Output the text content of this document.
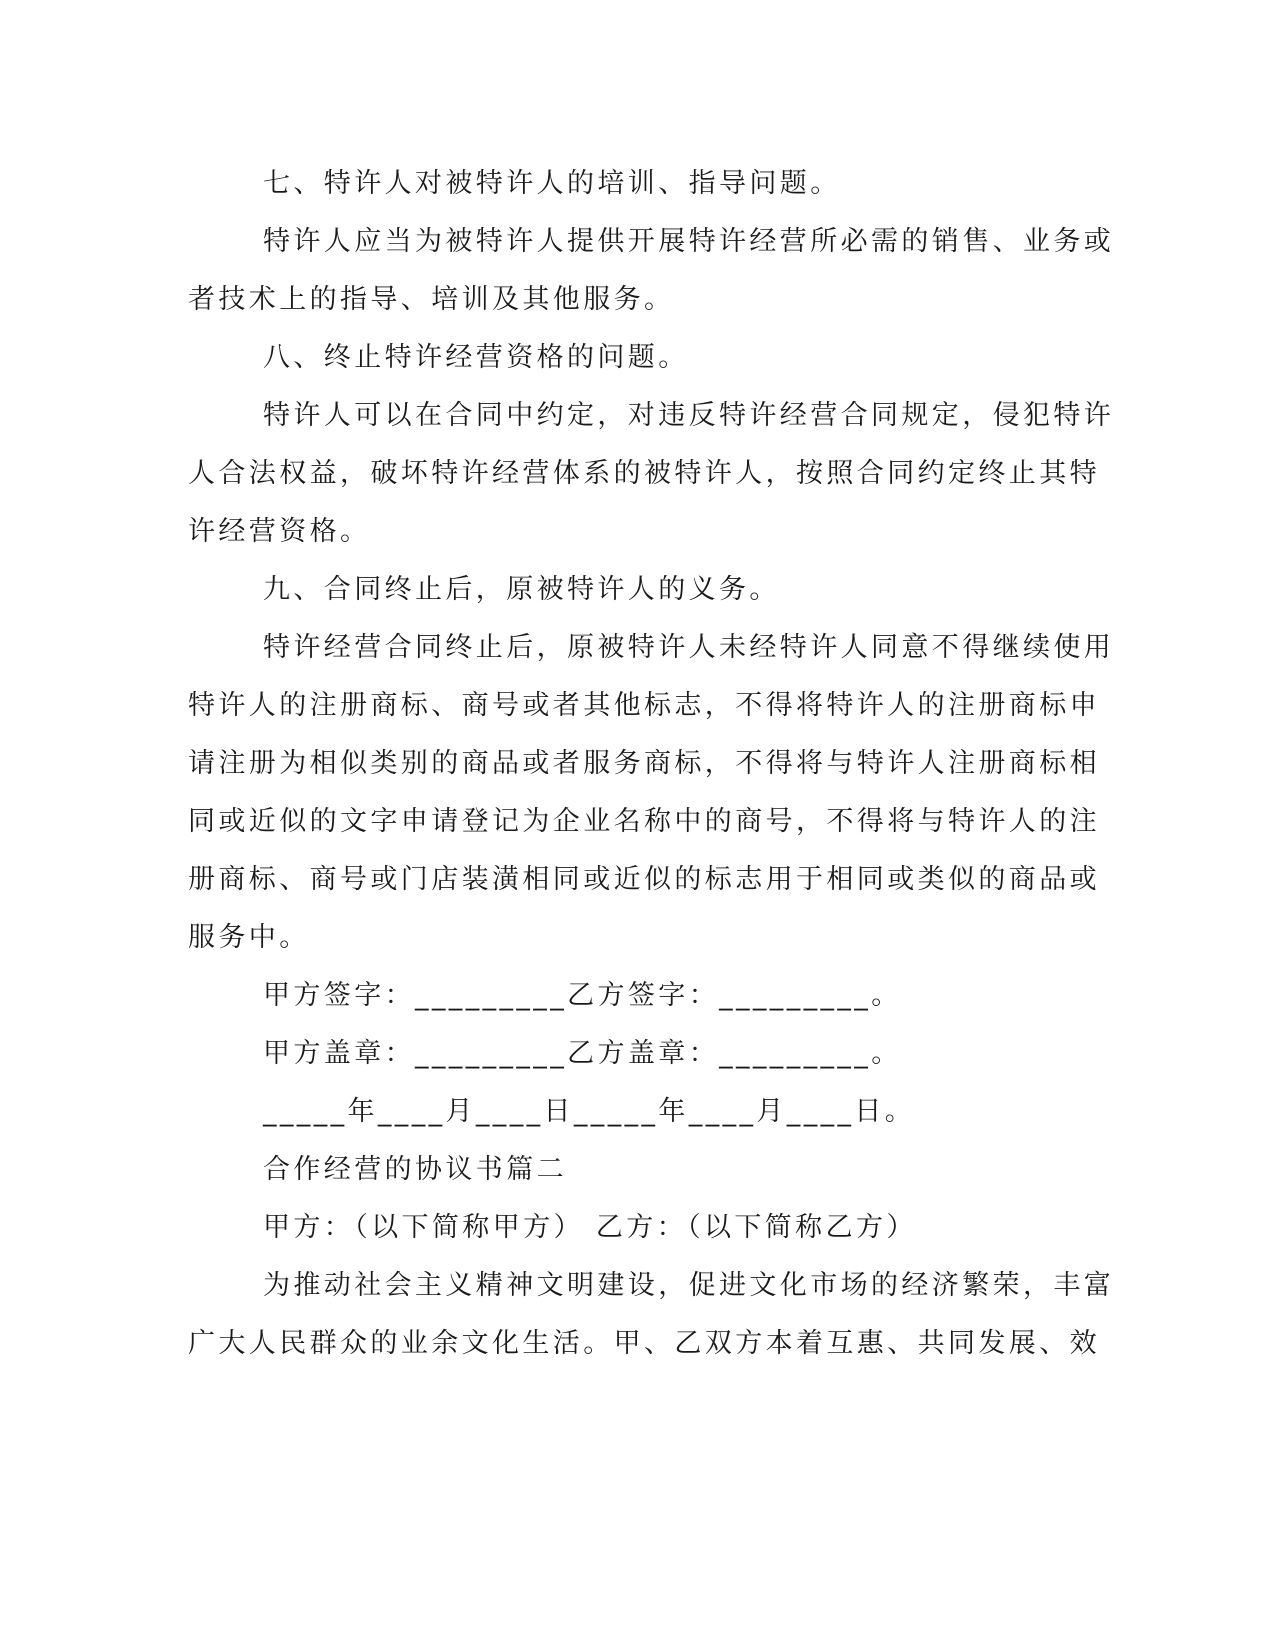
七、特许人对被特许人的培训、指导问题。
特许人应当为被特许人提供开展特许经营所必需的销售、业务或
者技术上的指导、培训及其他服务。
八、终止特许经营资格的问题。
特许人可以在合同中约定，对违反特许经营合同规定，侵犯特许
人合法权益，破坏特许经营体系的被特许人，按照合同约定终止其特
许经营资格。
九、合同终止后，原被特许人的义务。
特许经营合同终止后，原被特许人未经特许人同意不得继续使用
特许人的注册商标、商号或者其他标志，不得将特许人的注册商标申
请注册为相似类别的商品或者服务商标，不得将与特许人注册商标相
同或近似的文字申请登记为企业名称中的商号，不得将与特许人的注
册商标、商号或门店装潢相同或近似的标志用于相同或类似的商品或
服务中。
甲方签字：_________乙方签字：_________。
甲方盖章：_________乙方盖章：_________。
_____年____月____日_____年____月____日。
合作经营的协议书篇二
甲方：（以下简称甲方） 乙方：（以下简称乙方）
为推动社会主义精神文明建设，促进文化市场的经济繁荣，丰富
广大人民群众的业余文化生活。甲、乙双方本着互惠、共同发展、效
